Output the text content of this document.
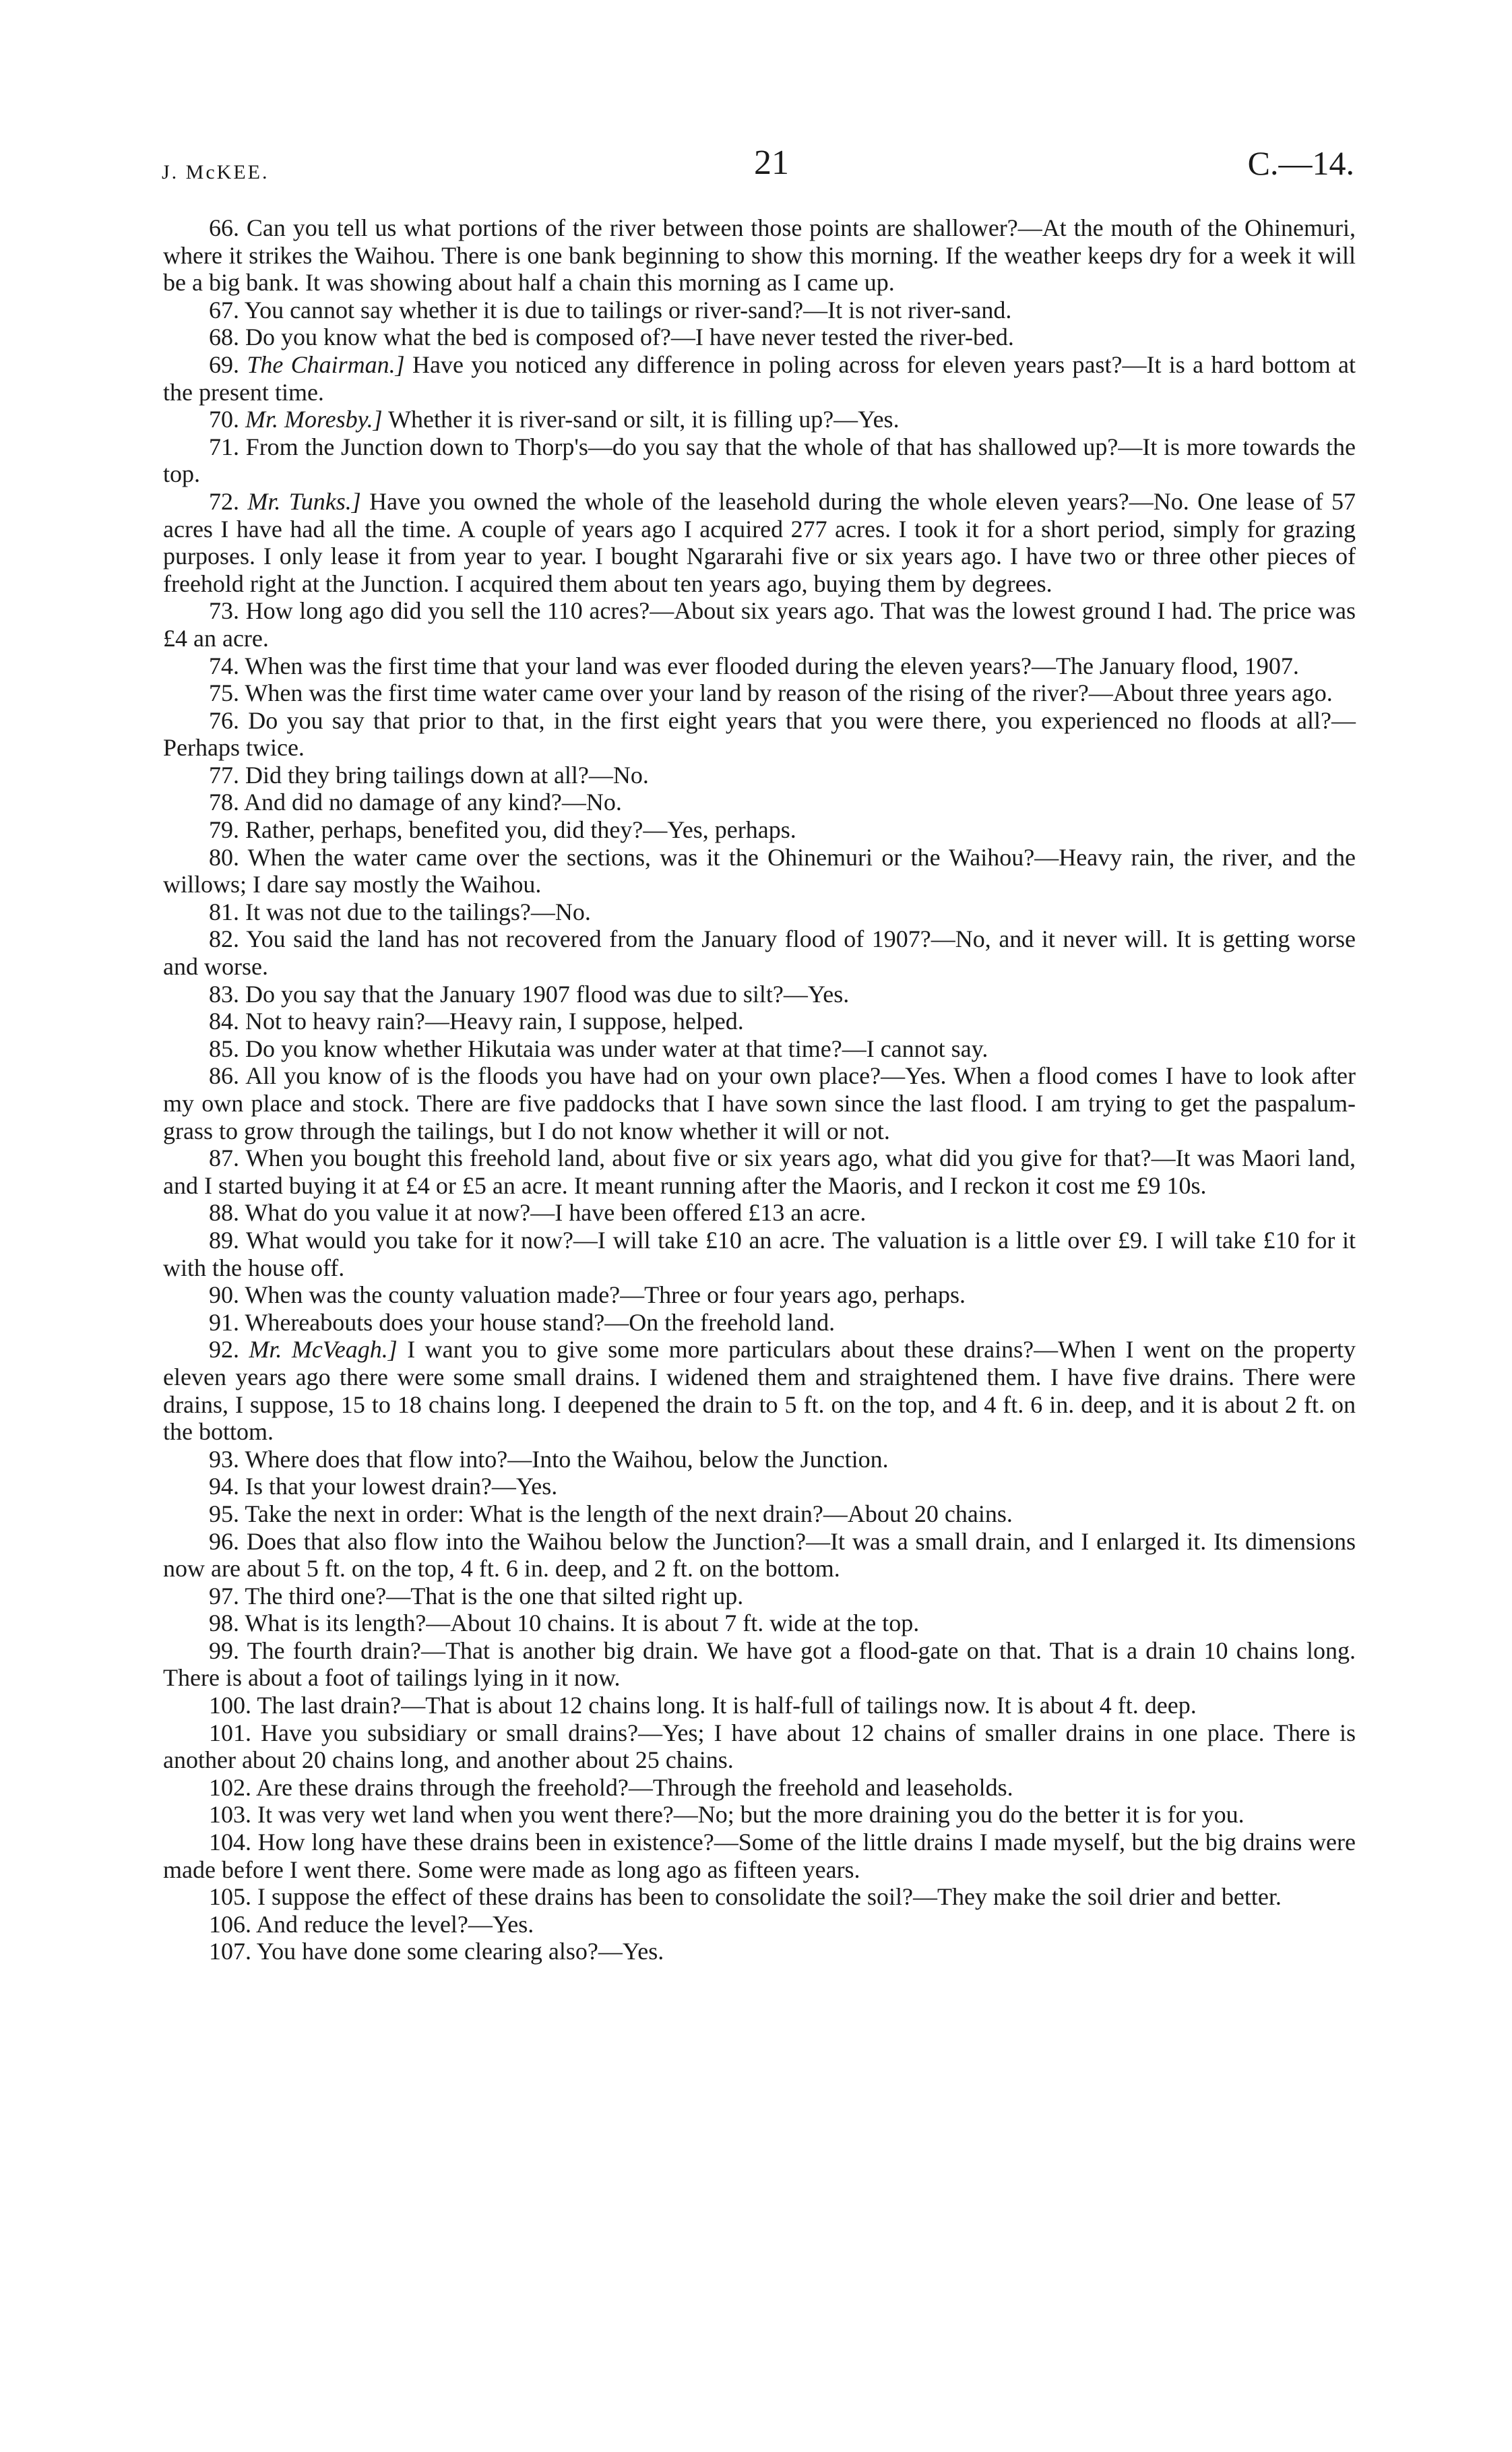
J. McKEE.	21	C.—14.

66. Can you tell us what portions of the river between those points are shallower?—At the mouth of the Ohinemuri, where it strikes the Waihou. There is one bank beginning to show this morning. If the weather keeps dry for a week it will be a big bank. It was showing about half a chain this morning as I came up.

67. You cannot say whether it is due to tailings or river-sand?—It is not river-sand.

68. Do you know what the bed is composed of?—I have never tested the river-bed.

69. The Chairman.] Have you noticed any difference in poling across for eleven years past?—It is a hard bottom at the present time.

70. Mr. Moresby.] Whether it is river-sand or silt, it is filling up?—Yes.

71. From the Junction down to Thorp's—do you say that the whole of that has shallowed up?—It is more towards the top.

72. Mr. Tunks.] Have you owned the whole of the leasehold during the whole eleven years?—No. One lease of 57 acres I have had all the time. A couple of years ago I acquired 277 acres. I took it for a short period, simply for grazing purposes. I only lease it from year to year. I bought Ngararahi five or six years ago. I have two or three other pieces of freehold right at the Junction. I acquired them about ten years ago, buying them by degrees.

73. How long ago did you sell the 110 acres?—About six years ago. That was the lowest ground I had. The price was £4 an acre.

74. When was the first time that your land was ever flooded during the eleven years?—The January flood, 1907.

75. When was the first time water came over your land by reason of the rising of the river?—About three years ago.

76. Do you say that prior to that, in the first eight years that you were there, you experienced no floods at all?—Perhaps twice.

77. Did they bring tailings down at all?—No.

78. And did no damage of any kind?—No.

79. Rather, perhaps, benefited you, did they?—Yes, perhaps.

80. When the water came over the sections, was it the Ohinemuri or the Waihou?—Heavy rain, the river, and the willows; I dare say mostly the Waihou.

81. It was not due to the tailings?—No.

82. You said the land has not recovered from the January flood of 1907?—No, and it never will. It is getting worse and worse.

83. Do you say that the January 1907 flood was due to silt?—Yes.

84. Not to heavy rain?—Heavy rain, I suppose, helped.

85. Do you know whether Hikutaia was under water at that time?—I cannot say.

86. All you know of is the floods you have had on your own place?—Yes. When a flood comes I have to look after my own place and stock. There are five paddocks that I have sown since the last flood. I am trying to get the paspalum-grass to grow through the tailings, but I do not know whether it will or not.

87. When you bought this freehold land, about five or six years ago, what did you give for that?—It was Maori land, and I started buying it at £4 or £5 an acre. It meant running after the Maoris, and I reckon it cost me £9 10s.

88. What do you value it at now?—I have been offered £13 an acre.

89. What would you take for it now?—I will take £10 an acre. The valuation is a little over £9. I will take £10 for it with the house off.

90. When was the county valuation made?—Three or four years ago, perhaps.

91. Whereabouts does your house stand?—On the freehold land.

92. Mr. McVeagh.] I want you to give some more particulars about these drains?—When I went on the property eleven years ago there were some small drains. I widened them and straightened them. I have five drains. There were drains, I suppose, 15 to 18 chains long. I deepened the drain to 5 ft. on the top, and 4 ft. 6 in. deep, and it is about 2 ft. on the bottom.

93. Where does that flow into?—Into the Waihou, below the Junction.

94. Is that your lowest drain?—Yes.

95. Take the next in order: What is the length of the next drain?—About 20 chains.

96. Does that also flow into the Waihou below the Junction?—It was a small drain, and I enlarged it. Its dimensions now are about 5 ft. on the top, 4 ft. 6 in. deep, and 2 ft. on the bottom.

97. The third one?—That is the one that silted right up.

98. What is its length?—About 10 chains. It is about 7 ft. wide at the top.

99. The fourth drain?—That is another big drain. We have got a flood-gate on that. That is a drain 10 chains long. There is about a foot of tailings lying in it now.

100. The last drain?—That is about 12 chains long. It is half-full of tailings now. It is about 4 ft. deep.

101. Have you subsidiary or small drains?—Yes; I have about 12 chains of smaller drains in one place. There is another about 20 chains long, and another about 25 chains.

102. Are these drains through the freehold?—Through the freehold and leaseholds.

103. It was very wet land when you went there?—No; but the more draining you do the better it is for you.

104. How long have these drains been in existence?—Some of the little drains I made myself, but the big drains were made before I went there. Some were made as long ago as fifteen years.

105. I suppose the effect of these drains has been to consolidate the soil?—They make the soil drier and better.

106. And reduce the level?—Yes.

107. You have done some clearing also?—Yes.
